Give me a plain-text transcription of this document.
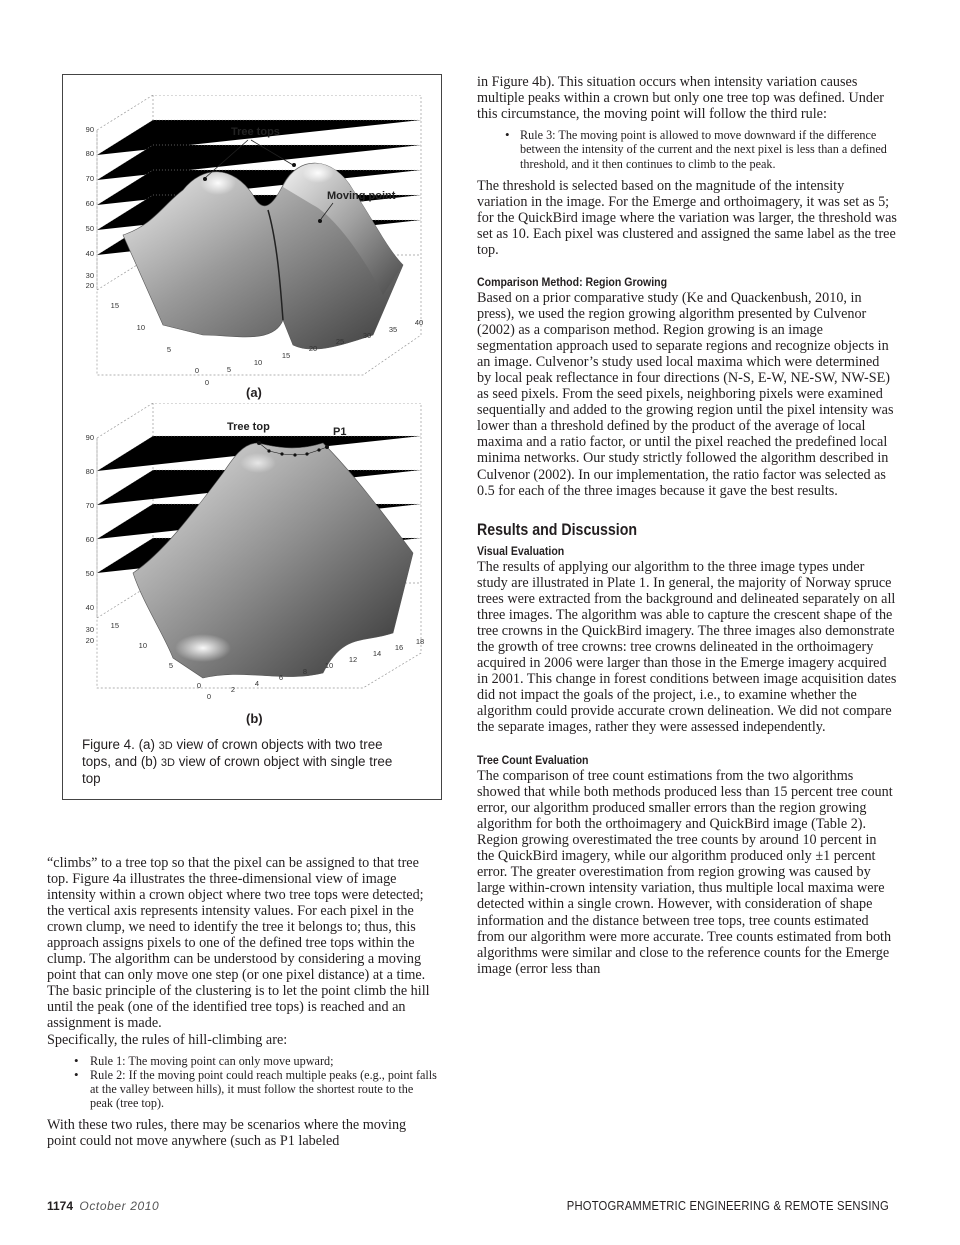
Tree tops
Moving point
90
80
70
60
50
40
30
20
15
10
5
0
0
5
10
15
20
25
30
35
40
(a)
Tree top	P1
90
80
70
60
50
40
30
20
15
10
5
0
0
2
4
6
8
10
12
14
16
18
(b)
Figure 4. (a) 3D view of crown objects with two tree tops, and (b) 3D view of crown object with single tree top

“climbs” to a tree top so that the pixel can be assigned to that tree top. Figure 4a illustrates the three-dimensional view of image intensity within a crown object where two tree tops were detected; the vertical axis represents intensity values. For each pixel in the crown clump, we need to identify the tree it belongs to; thus, this approach assigns pixels to one of the defined tree tops within the clump. The algorithm can be understood by considering a moving point that can only move one step (or one pixel distance) at a time. The basic principle of the clustering is to let the point climb the hill until the peak (one of the identified tree tops) is reached and an assignment is made.

Specifically, the rules of hill-climbing are:

• Rule 1: The moving point can only move upward;
• Rule 2: If the moving point could reach multiple peaks (e.g., point falls at the valley between hills), it must follow the shortest route to the peak (tree top).

With these two rules, there may be scenarios where the moving point could not move anywhere (such as P1 labeled

in Figure 4b). This situation occurs when intensity variation causes multiple peaks within a crown but only one tree top was defined. Under this circumstance, the moving point will follow the third rule:

• Rule 3: The moving point is allowed to move downward if the difference between the intensity of the current and the next pixel is less than a defined threshold, and it then continues to climb to the peak.

The threshold is selected based on the magnitude of the intensity variation in the image. For the Emerge and orthoimagery, it was set as 5; for the QuickBird image where the variation was larger, the threshold was set as 10. Each pixel was clustered and assigned the same label as the tree top.

Comparison Method: Region Growing

Based on a prior comparative study (Ke and Quackenbush, 2010, in press), we used the region growing algorithm presented by Culvenor (2002) as a comparison method. Region growing is an image segmentation approach used to separate regions and recognize objects in an image. Culvenor’s study used local maxima which were determined by local peak reflectance in four directions (N-S, E-W, NE-SW, NW-SE) as seed pixels. From the seed pixels, neighboring pixels were examined sequentially and added to the growing region until the pixel intensity was lower than a threshold defined by the product of the average of local maxima and a ratio factor, or until the pixel reached the predefined local minima networks. Our study strictly followed the algorithm described in Culvenor (2002). In our implementation, the ratio factor was selected as 0.5 for each of the three images because it gave the best results.

Results and Discussion
Visual Evaluation

The results of applying our algorithm to the three image types under study are illustrated in Plate 1. In general, the majority of Norway spruce trees were extracted from the background and delineated separately on all three images. The algorithm was able to capture the crescent shape of the tree crowns in the QuickBird imagery. The three images also demonstrate the growth of tree crowns: tree crowns delineated in the orthoimagery acquired in 2006 were larger than those in the Emerge imagery acquired in 2001. This change in forest conditions between image acquisition dates did not impact the goals of the project, i.e., to examine whether the algorithm could provide accurate crown delineation. We did not compare the separate images, rather they were assessed independently.

Tree Count Evaluation

The comparison of tree count estimations from the two algorithms showed that while both methods produced less than 15 percent tree count error, our algorithm produced smaller errors than the region growing algorithm for both the orthoimagery and QuickBird image (Table 2). Region growing overestimated the tree counts by around 10 percent in the QuickBird imagery, while our algorithm produced only ±1 percent error. The greater overestimation from region growing was caused by large within-crown intensity variation, thus multiple local maxima were detected within a single crown. However, with consideration of shape information and the distance between tree tops, tree counts estimated from our algorithm were more accurate. Tree counts estimated from both algorithms were similar and close to the reference counts for the Emerge image (error less than

1174 October 2010	PHOTOGRAMMETRIC ENGINEERING & REMOTE SENSING
